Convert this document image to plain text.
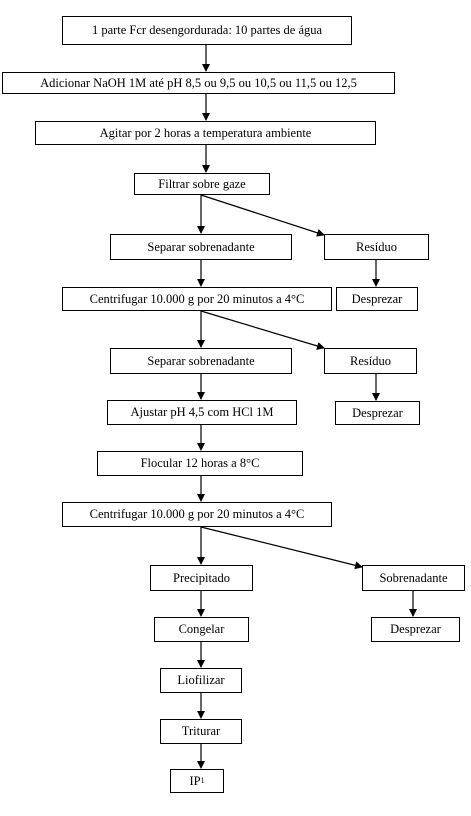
1 parte Fcr desengordurada: 10 partes de água
Adicionar NaOH 1M até pH 8,5 ou 9,5 ou 10,5 ou 11,5 ou 12,5
Agitar por 2 horas a temperatura ambiente
Filtrar sobre gaze
Separar sobrenadante	Resíduo
Centrifugar 10.000 g por 20 minutos a 4°C	Desprezar
Separar sobrenadante	Resíduo
Ajustar pH 4,5 com HCl 1M	Desprezar
Flocular 12 horas a 8°C
Centrifugar 10.000 g por 20 minutos a 4°C
Precipitado	Sobrenadante
Congelar	Desprezar
Liofilizar
Triturar
IP 1
